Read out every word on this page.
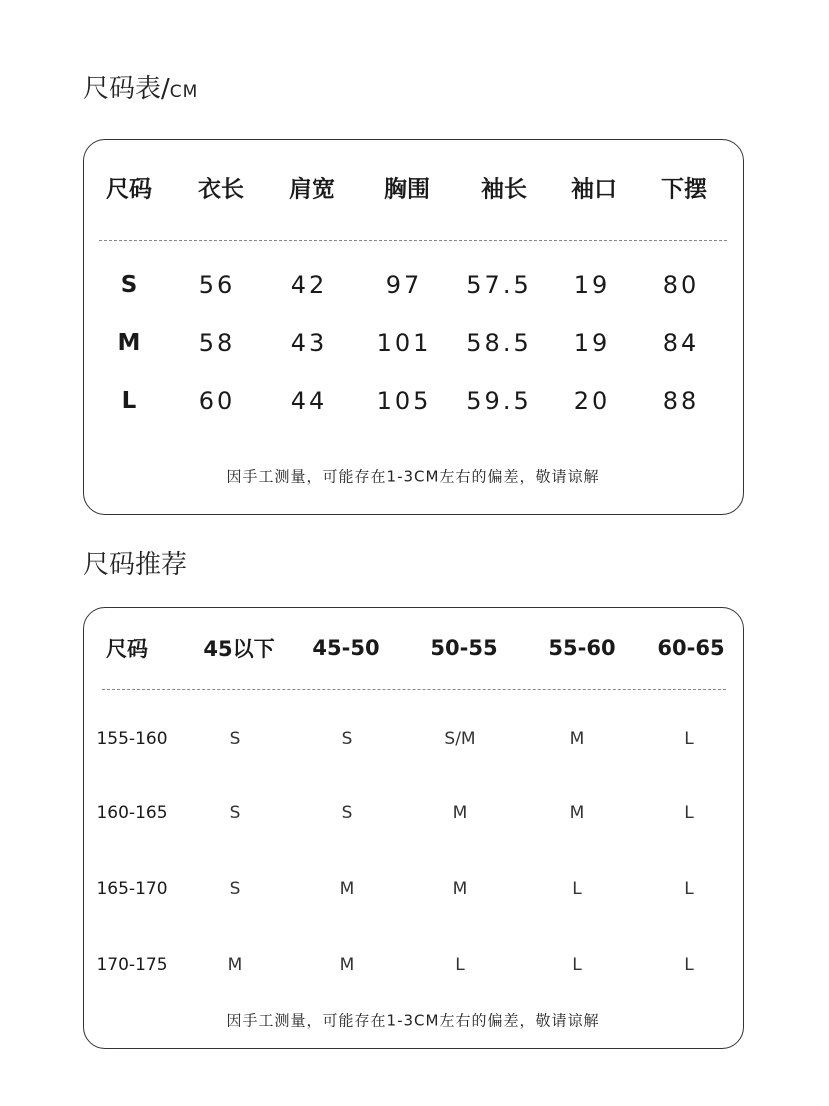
尺码表/CM
尺码 衣长 肩宽 胸围 袖长 袖口 下摆
S	56 42 97 57.5 19 80
M 58 43 101 58.5 19 84
L	60 44 105 59.5 20 88
因手工测量，可能存在1-3CM左右的偏差，敬请谅解
尺码推荐
尺码	45以下 45-50 50-55 55-60 60-65
155-160	S	S	S/M	M	L
160-165	S	S	M	M	L
165-170	S	M	M	L	L
170-175	M	M	L	L	L
因手工测量，可能存在1-3CM左右的偏差，敬请谅解
